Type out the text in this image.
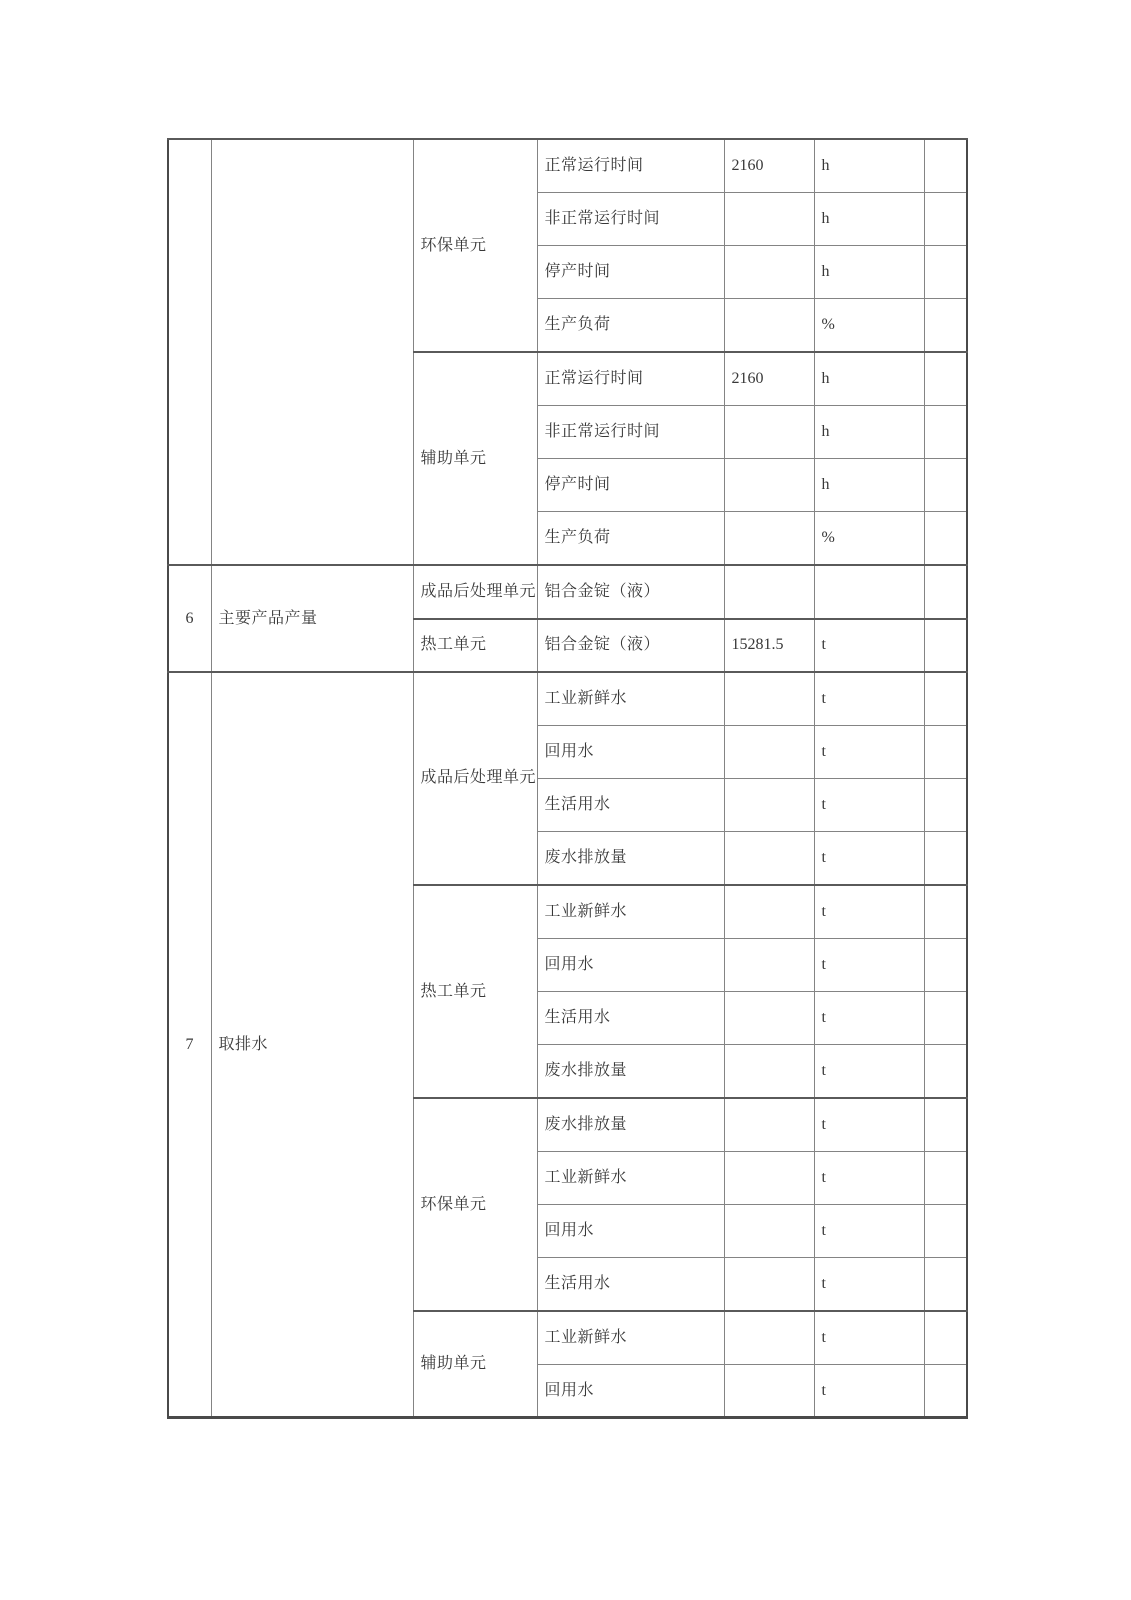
		环保单元	正常运行时间	2160	h	
			非正常运行时间		h	
			停产时间		h	
			生产负荷		%	
		辅助单元	正常运行时间	2160	h	
			非正常运行时间		h	
			停产时间		h	
			生产负荷		%	
6	主要产品产量	成品后处理单元	铝合金锭（液）			
		热工单元	铝合金锭（液）	15281.5	t	
7	取排水	成品后处理单元	工业新鲜水		t	
			回用水		t	
			生活用水		t	
			废水排放量		t	
		热工单元	工业新鲜水		t	
			回用水		t	
			生活用水		t	
			废水排放量		t	
		环保单元	废水排放量		t	
			工业新鲜水		t	
			回用水		t	
			生活用水		t	
		辅助单元	工业新鲜水		t	
			回用水		t	
